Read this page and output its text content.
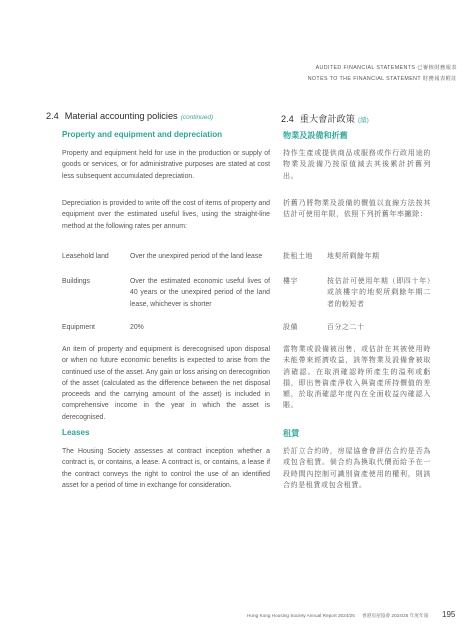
AUDITED FINANCIAL STATEMENTS 已審核財務報表
NOTES TO THE FINANCIAL STATEMENT 財務報表附註
2.4 Material accounting policies (continued)	2.4 重大會計政策 (續)
Property and equipment and depreciation
Property and equipment held for use in the production or supply of goods or services, or for administrative purposes are stated at cost less subsequent accumulated depreciation.
Depreciation is provided to write off the cost of items of property and equipment over the estimated useful lives, using the straight-line method at the following rates per annum:
Leasehold land	Over the unexpired period of the land lease
Buildings	Over the estimated economic useful lives of 40 years or the unexpired period of the land lease, whichever is shorter
Equipment	20%
An item of property and equipment is derecognised upon disposal or when no future economic benefits is expected to arise from the continued use of the asset. Any gain or loss arising on derecognition of the asset (calculated as the difference between the net disposal proceeds and the carrying amount of the asset) is included in comprehensive income in the year in which the asset is derecognised.
Leases
The Housing Society assesses at contract inception whether a contract is, or contains, a lease. A contract is, or contains, a lease if the contract conveys the right to control the use of an identified asset for a period of time in exchange for consideration.
物業及設備和折舊
持作生產或提供商品或服務或作行政用途的物業及設備乃按原值減去其後累計折舊列出。
折舊乃將物業及設備的價值以直線方法按其估計可使用年限，依照下列折舊年率撇除：
批租土地 地契所剩餘年期
樓宇	按估計可使用年期（即四十年）或該樓宇的地契所剩餘年期二者的較短者
設備	百分之二十
當物業或設備被出售，或估計在其被使用時未能帶來經濟收益，該等物業及設備會被取消確認。在取消確認時所產生的溢利或虧損，即出售資產淨收入與資產所持價值的差額，於取消確認年度內在全面收益內確認入賬。
租賃
於訂立合約時，房屋協會會評估合約是否為或包含租賃。倘合約為換取代價而給予在一段時間內控制可識別資產使用的權利，則該合約是租賃或包含租賃。
Hong Kong Housing Society Annual Report 2024/25 香港房屋協會 2024/25 年度年報 195
